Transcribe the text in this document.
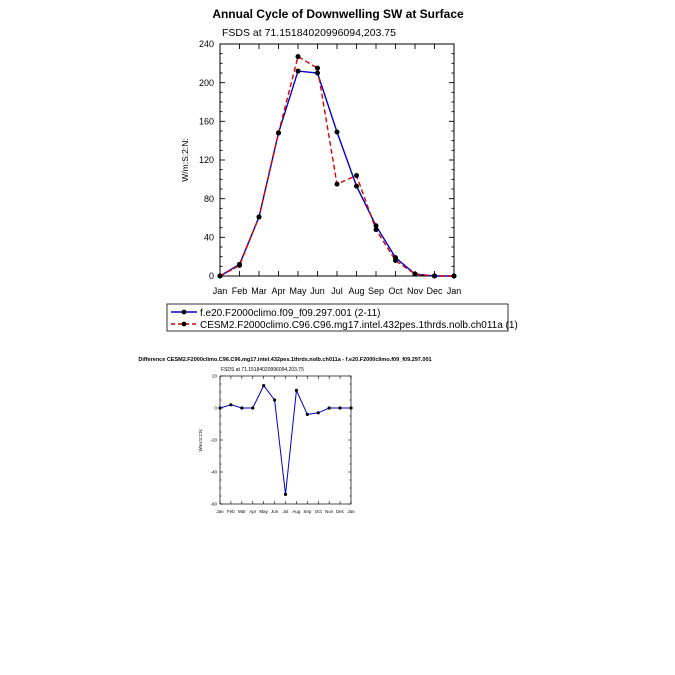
Annual Cycle of Downwelling SW at Surface
FSDS at 71.15184020996094,203.75
W/m:S:2:N:
Jan Feb Mar Apr May Jun Jul Aug Sep Oct Nov Dec Jan
0
40
80
120
160
200
240
f.e20.F2000climo.f09_f09.297.001 (2-11)
CESM2.F2000climo.C96.C96.mg17.intel.432pes.1thrds.nolb.ch011a (1)
Difference CESM2.F2000climo.C96.C96.mg17.intel.432pes.1thrds.nolb.ch011a - f.e20.F2000climo.f09_f09.297.001
FSDS at 71.15184020996094,203.75
W/m:S:2:N:
Jan Feb Mar Apr May Jun Jul Aug Sep Oct Nov Dec Jan
-60
-40
-20
0
20
